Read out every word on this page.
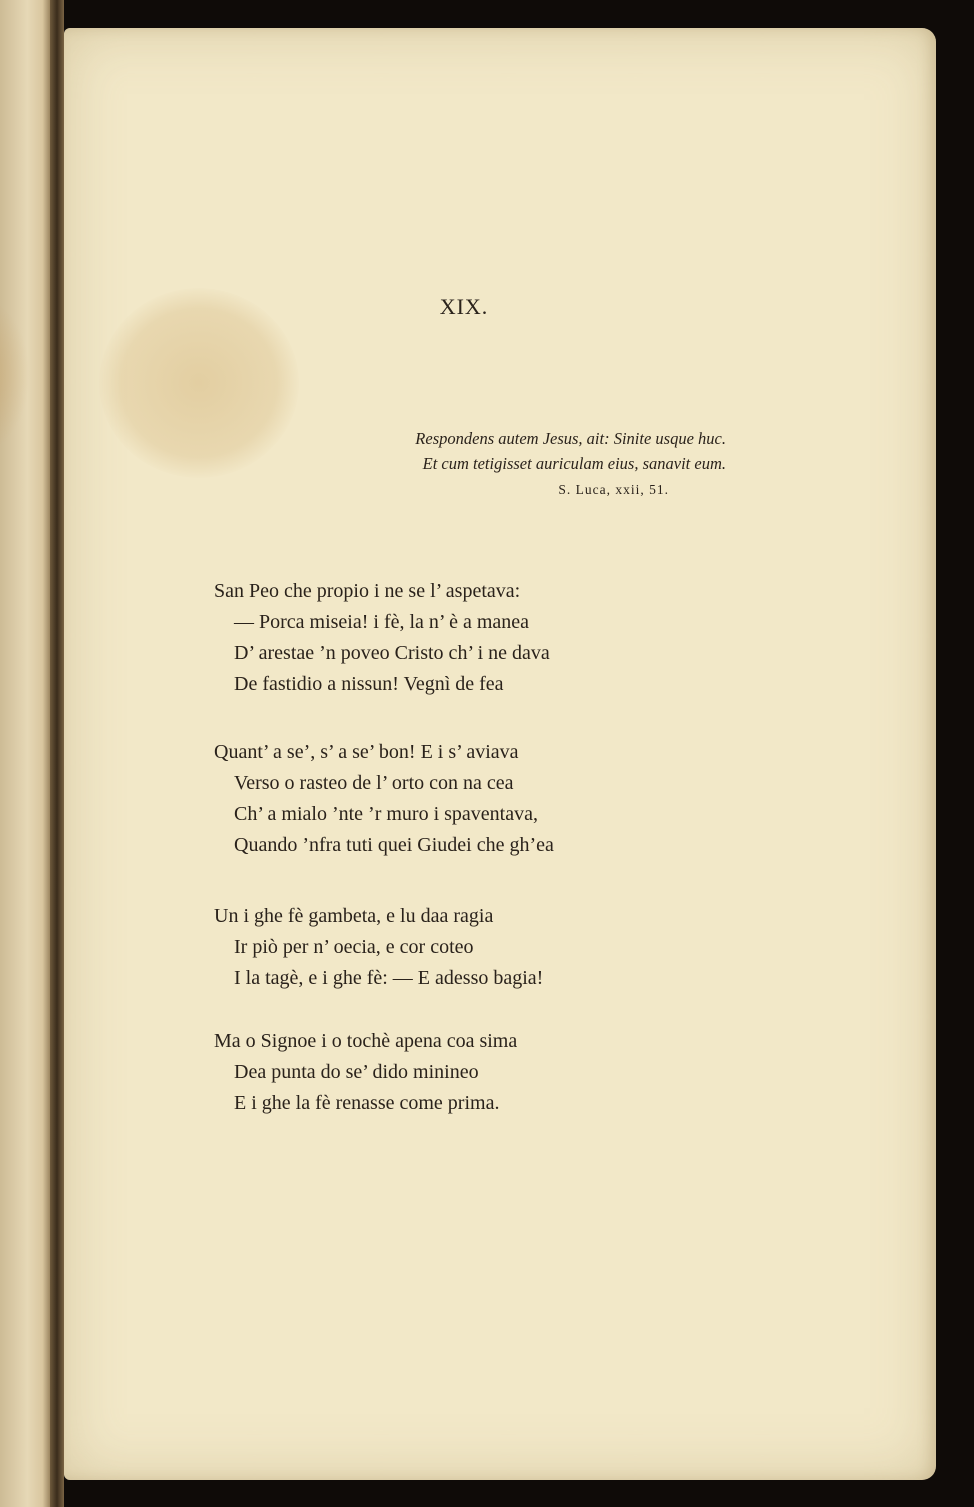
XIX.
Respondens autem Jesus, ait: Sinite usque huc.
Et cum tetigisset auriculam eius, sanavit eum.
S. Luca, xxii, 51.
San Peo che propio i ne se l’ aspetava:
— Porca miseia! i fè, la n’ è a manea
D’ arestae ’n poveo Cristo ch’ i ne dava
De fastidio a nissun! Vegnì de fea
Quant’ a se’, s’ a se’ bon! E i s’ aviava
Verso o rasteo de l’ orto con na cea
Ch’ a mialo ’nte ’r muro i spaventava,
Quando ’nfra tuti quei Giudei che gh’ea
Un i ghe fè gambeta, e lu daa ragia
Ir piò per n’ oecia, e cor coteo
I la tagè, e i ghe fè: — E adesso bagia!
Ma o Signoe i o tochè apena coa sima
Dea punta do se’ dido minineo
E i ghe la fè renasse come prima.
